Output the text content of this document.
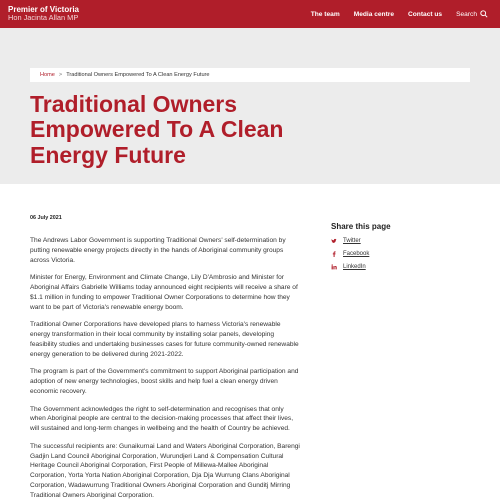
Premier of Victoria
Hon Jacinta Allan MP	The team Media centre Contact us Search
Home > Traditional Owners Empowered To A Clean Energy Future
Traditional Owners Empowered To A Clean Energy Future
06 July 2021

The Andrews Labor Government is supporting Traditional Owners' self-determination by putting renewable energy projects directly in the hands of Aboriginal community groups across Victoria.

Minister for Energy, Environment and Climate Change, Lily D'Ambrosio and Minister for Aboriginal Affairs Gabrielle Williams today announced eight recipients will receive a share of $1.1 million in funding to empower Traditional Owner Corporations to determine how they want to be part of Victoria's renewable energy boom.

Traditional Owner Corporations have developed plans to harness Victoria's renewable energy transformation in their local community by installing solar panels, developing feasibility studies and undertaking businesses cases for future community-owned renewable energy generation to be delivered during 2021-2022.

The program is part of the Government's commitment to support Aboriginal participation and adoption of new energy technologies, boost skills and help fuel a clean energy driven economic recovery.

The Government acknowledges the right to self-determination and recognises that only when Aboriginal people are central to the decision-making processes that affect their lives, will sustained and long-term changes in wellbeing and the health of Country be achieved.

The successful recipients are: Gunaikurnai Land and Waters Aboriginal Corporation, Barengi Gadjin Land Council Aboriginal Corporation, Wurundjeri Land & Compensation Cultural Heritage Council Aboriginal Corporation, First People of Millewa-Mallee Aboriginal Corporation, Yorta Yorta Nation Aboriginal Corporation, Dja Dja Wurrung Clans Aboriginal Corporation, Wadawurrung Traditional Owners Aboriginal Corporation and Gunditj Mirring Traditional Owners Aboriginal Corporation.

Share this page
Twitter
Facebook
LinkedIn
